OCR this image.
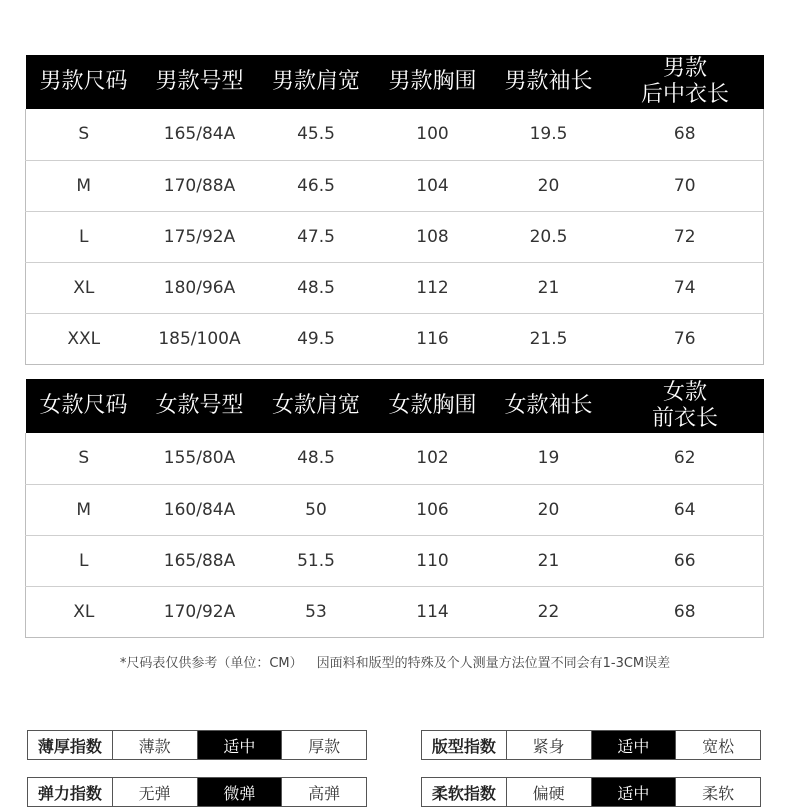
男款尺码	男款号型	男款肩宽	男款胸围	男款袖长	男款
后中衣长

S	165/84A	45.5	100	19.5	68
M	170/88A	46.5	104	20	70
L	175/92A	47.5	108	20.5	72
XL	180/96A	48.5	112	21	74
XXL	185/100A	49.5	116	21.5	76
女款尺码	女款号型	女款肩宽	女款胸围	女款袖长	女款
前衣长

S	155/80A	48.5	102	19	62
M	160/84A	50	106	20	64
L	165/88A	51.5	110	21	66
XL	170/92A	53	114	22	68
*尺码表仅供参考（单位：CM） 因面料和版型的特殊及个人测量方法位置不同会有1-3CM误差
薄厚指数	薄款	适中	厚款	版型指数	紧身	适中	宽松
弹力指数	无弹	微弹	高弹	柔软指数	偏硬	适中	柔软
